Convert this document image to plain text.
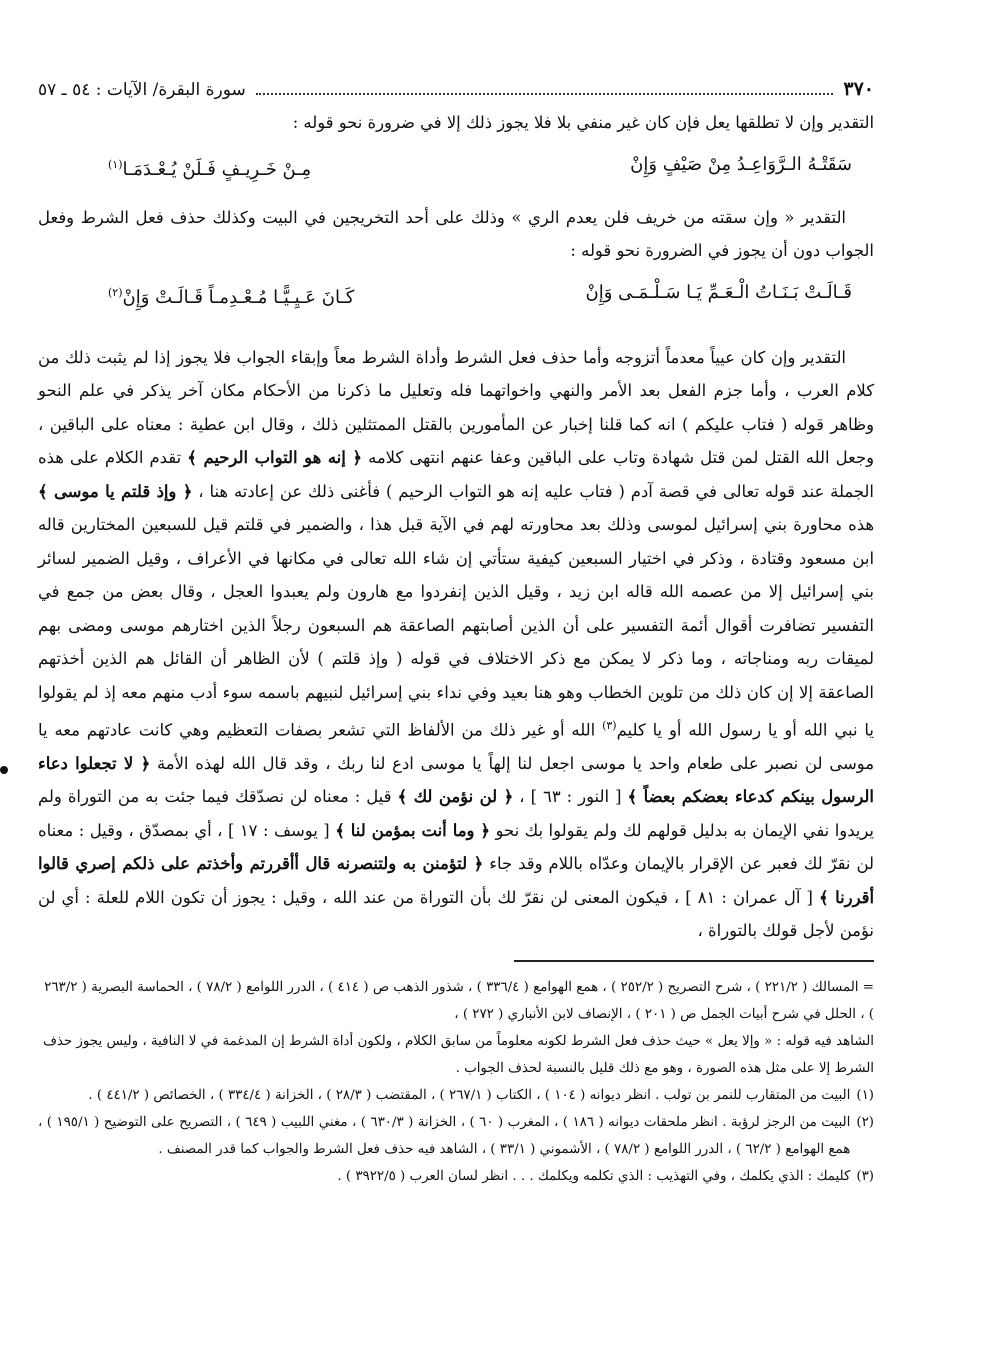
٣٧٠
سورة البقرة/ الآيات : ٥٤ ـ ٥٧

التقدير وإن لا تطلقها يعل فإن كان غير منفي بلا فلا يجوز ذلك إلا في ضرورة نحو قوله :

سَقَتْـهُ الـرَّوَاعِـدُ مِنْ صَيْفٍ وَإِنْ
مِـنْ خَـرِيـفٍ فَـلَنْ يُـعْـدَمَـا$^{(١)}$

التقدير « وإن سقته من خريف فلن يعدم الري » وذلك على أحد التخريجين في البيت وكذلك حذف فعل الشرط وفعل الجواب دون أن يجوز في الضرورة نحو قوله :

قَـالَـتْ بَـنَـاتُ الْـعَـمِّ يَـا سَـلْـمَـى وَإِنْ
كَـانَ عَـيِـيًّـا مُـعْـدِمـاً قَـالَـتْ وَإِنْ$^{(٢)}$

التقدير وإن كان عيياً معدماً أتزوجه وأما حذف فعل الشرط وأداة الشرط معاً وإبقاء الجواب فلا يجوز إذا لم يثبت ذلك من كلام العرب ، وأما جزم الفعل بعد الأمر والنهي واخواتهما فله وتعليل ما ذكرنا من الأحكام مكان آخر يذكر في علم النحو وظاهر قوله ( فتاب عليكم ) انه كما قلنا إخبار عن المأمورين بالقتل الممتثلين ذلك ، وقال ابن عطية : معناه على الباقين ، وجعل الله القتل لمن قتل شهادة وتاب على الباقين وعفا عنهم انتهى كلامه ﴿ إنه هو التواب الرحيم ﴾ تقدم الكلام على هذه الجملة عند قوله تعالى في قصة آدم ( فتاب عليه إنه هو التواب الرحيم ) فأغنى ذلك عن إعادته هنا ، ﴿ وإذ قلتم يا موسى ﴾ هذه محاورة بني إسرائيل لموسى وذلك بعد محاورته لهم في الآية قبل هذا ، والضمير في قلتم قيل للسبعين المختارين قاله ابن مسعود وقتادة ، وذكر في اختيار السبعين كيفية ستأتي إن شاء الله تعالى في مكانها في الأعراف ، وقيل الضمير لسائر بني إسرائيل إلا من عصمه الله قاله ابن زيد ، وقيل الذين إنفردوا مع هارون ولم يعبدوا العجل ، وقال بعض من جمع في التفسير تضافرت أقوال أئمة التفسير على أن الذين أصابتهم الصاعقة هم السبعون رجلاً الذين اختارهم موسى ومضى بهم لميقات ربه ومناجاته ، وما ذكر لا يمكن مع ذكر الاختلاف في قوله ( وإذ قلتم ) لأن الظاهر أن القائل هم الذين أخذتهم الصاعقة إلا إن كان ذلك من تلوين الخطاب وهو هنا بعيد وفي نداء بني إسرائيل لنبيهم باسمه سوء أدب منهم معه إذ لم يقولوا يا نبي الله أو يا رسول الله أو يا كليم$^{(٣)}$ الله أو غير ذلك من الألفاظ التي تشعر بصفات التعظيم وهي كانت عادتهم معه يا موسى لن نصبر على طعام واحد يا موسى اجعل لنا إلهاً يا موسى ادع لنا ربك ، وقد قال الله لهذه الأمة ﴿ لا تجعلوا دعاء الرسول بينكم كدعاء بعضكم بعضاً ﴾ [ النور : ٦٣ ] ، ﴿ لن نؤمن لك ﴾ قيل : معناه لن نصدّقك فيما جئت به من التوراة ولم يريدوا نفي الإيمان به بدليل قولهم لك ولم يقولوا بك نحو ﴿ وما أنت بمؤمن لنا ﴾ [ يوسف : ١٧ ] ، أي بمصدّق ، وقيل : معناه لن نقرّ لك فعبر عن الإقرار بالإيمان وعدّاه باللام وقد جاء ﴿ لتؤمنن به ولتنصرنه قال أأقررتم وأخذتم على ذلكم إصري قالوا أقررنا ﴾ [ آل عمران : ٨١ ] ، فيكون المعنى لن نقرّ لك بأن التوراة من عند الله ، وقيل : يجوز أن تكون اللام للعلة : أي لن نؤمن لأجل قولك بالتوراة ،

= المسالك ( ٢٢١/٢ ) ، شرح التصريح ( ٢٥٢/٢ ) ، همع الهوامع ( ٣٣٦/٤ ) ، شذور الذهب ص ( ٤١٤ ) ، الدرر اللوامع ( ٧٨/٢ ) ، الحماسة البصرية ( ٢٦٣/٢ ) ، الحلل في شرح أبيات الجمل ص ( ٢٠١ ) ، الإنصاف لابن الأنباري ( ٢٧٢ ) ،

الشاهد فيه قوله : « وإلا يعل » حيث حذف فعل الشرط لكونه معلوماً من سابق الكلام ، ولكون أداة الشرط إن المدغمة في لا النافية ، وليس يجوز حذف الشرط إلا على مثل هذه الصورة ، وهو مع ذلك قليل بالنسبة لحذف الجواب .

(١)
البيت من المتقارب للنمر بن تولب . انظر ديوانه ( ١٠٤ ) ، الكتاب ( ٢٦٧/١ ) ، المقتضب ( ٢٨/٣ ) ، الخزانة ( ٣٣٤/٤ ) ، الخصائص ( ٤٤١/٢ ) .
(٢)
البيت من الرجز لرؤبة . انظر ملحقات ديوانه ( ١٨٦ ) ، المغرب ( ٦٠ ) ، الخزانة ( ٦٣٠/٣ ) ، مغني اللبيب ( ٦٤٩ ) ، التصريح على التوضيح ( ١٩٥/١ ) ، همع الهوامع ( ٦٢/٢ ) ، الدرر اللوامع ( ٧٨/٢ ) ، الأشموني ( ٣٣/١ ) ، الشاهد فيه حذف فعل الشرط والجواب كما قدر المصنف .
(٣)
كليمك : الذي يكلمك ، وفي التهذيب : الذي تكلمه ويكلمك . . . انظر لسان العرب ( ٣٩٢٢/٥ ) .
